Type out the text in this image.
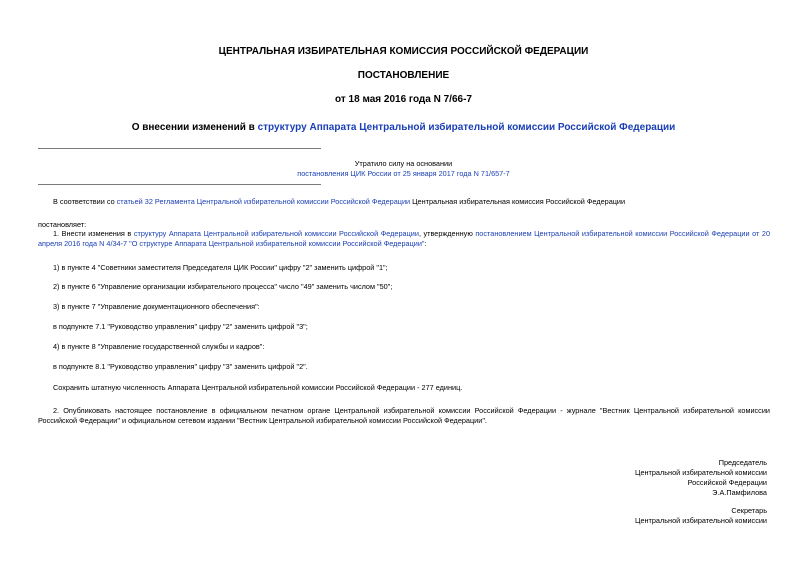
ЦЕНТРАЛЬНАЯ ИЗБИРАТЕЛЬНАЯ КОМИССИЯ РОССИЙСКОЙ ФЕДЕРАЦИИ
ПОСТАНОВЛЕНИЕ
от 18 мая 2016 года N 7/66-7
О внесении изменений в структуру Аппарата Центральной избирательной комиссии Российской Федерации
Утратило силу на основании
постановления ЦИК России от 25 января 2017 года N 71/657-7
В соответствии со статьей 32 Регламента Центральной избирательной комиссии Российской Федерации Центральная избирательная комиссия Российской Федерации
постановляет:
1. Внести изменения в структуру Аппарата Центральной избирательной комиссии Российской Федерации, утвержденную постановлением Центральной избирательной комиссии Российской Федерации от 20 апреля 2016 года N 4/34-7 "О структуре Аппарата Центральной избирательной комиссии Российской Федерации":
1) в пункте 4 "Советники заместителя Председателя ЦИК России" цифру "2" заменить цифрой "1";
2) в пункте 6 "Управление организации избирательного процесса" число "49" заменить числом "50";
3) в пункте 7 "Управление документационного обеспечения":
в подпункте 7.1 "Руководство управления" цифру "2" заменить цифрой "3";
4) в пункте 8 "Управление государственной службы и кадров":
в подпункте 8.1 "Руководство управления" цифру "3" заменить цифрой "2".
Сохранить штатную численность Аппарата Центральной избирательной комиссии Российской Федерации - 277 единиц.
2. Опубликовать настоящее постановление в официальном печатном органе Центральной избирательной комиссии Российской Федерации - журнале "Вестник Центральной избирательной комиссии Российской Федерации" и официальном сетевом издании "Вестник Центральной избирательной комиссии Российской Федерации".
Председатель
Центральной избирательной комиссии
Российской Федерации
Э.А.Памфилова
Секретарь
Центральной избирательной комиссии
